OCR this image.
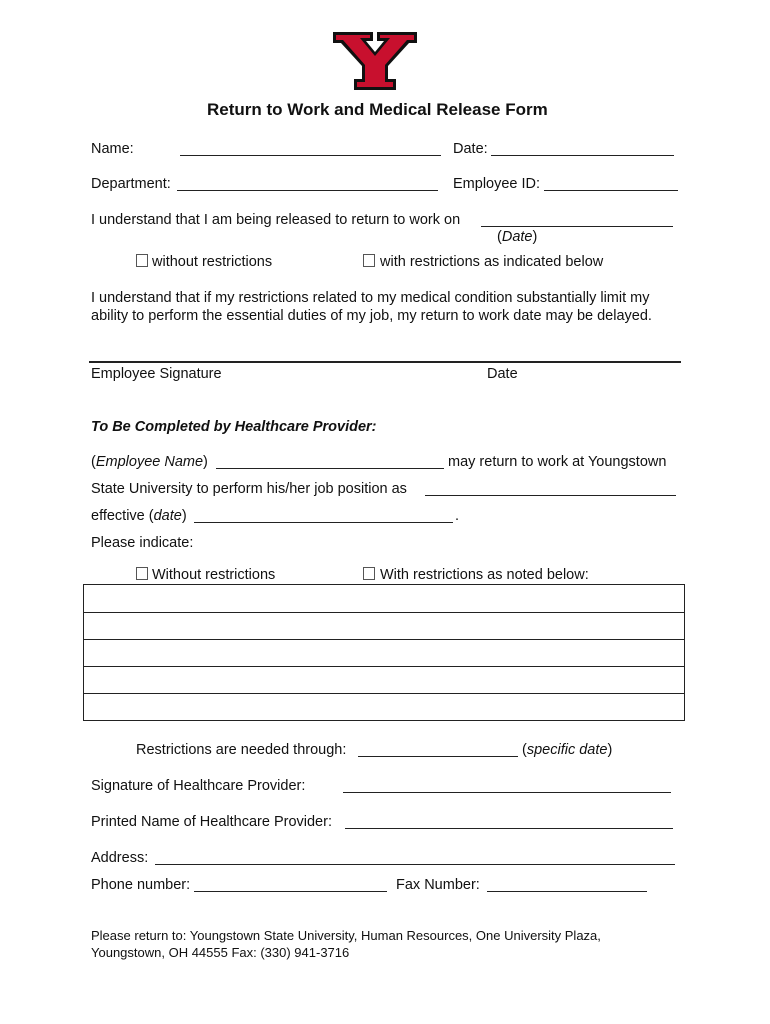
Return to Work and Medical Release Form
Name:	Date:
Department:	Employee ID:
I understand that I am being released to return to work on
(Date)
without restrictions	with restrictions as indicated below
I understand that if my restrictions related to my medical condition substantially limit my
ability to perform the essential duties of my job, my return to work date may be delayed.
Employee Signature	Date
To Be Completed by Healthcare Provider:
(Employee Name)	may return to work at Youngstown
State University to perform his/her job position as
effective (date)	.
Please indicate:
Without restrictions	With restrictions as noted below:
Restrictions are needed through:	(specific date)
Signature of Healthcare Provider:
Printed Name of Healthcare Provider:
Address:
Phone number:	Fax Number:
Please return to: Youngstown State University, Human Resources, One University Plaza,
Youngstown, OH 44555 Fax: (330) 941-3716
